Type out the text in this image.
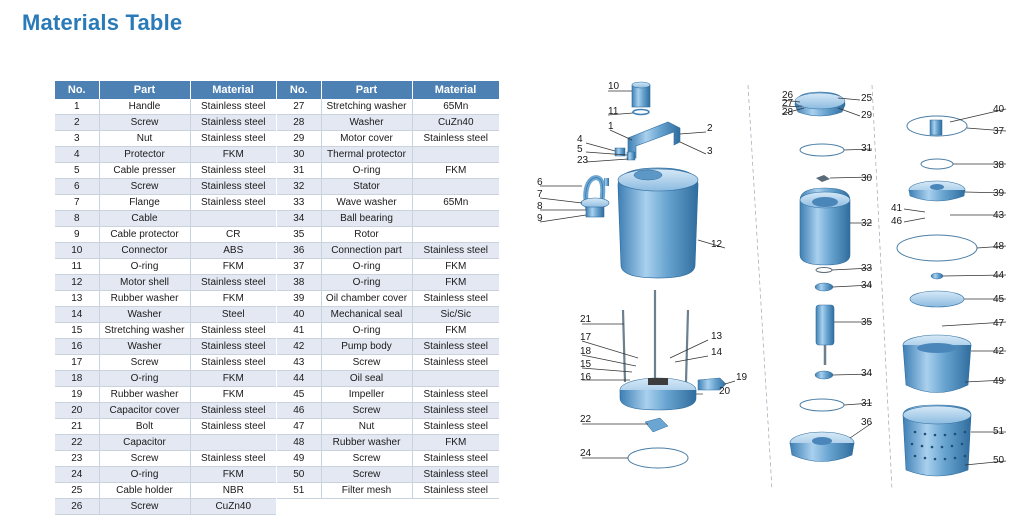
Materials Table
No.	Part	Material
1	Handle	Stainless steel
2	Screw	Stainless steel
3	Nut	Stainless steel
4	Protector	FKM
5	Cable presser	Stainless steel
6	Screw	Stainless steel
7	Flange	Stainless steel
8	Cable	
9	Cable protector	CR
10	Connector	ABS
11	O-ring	FKM
12	Motor shell	Stainless steel
13	Rubber washer	FKM
14	Washer	Steel
15	Stretching washer	Stainless steel
16	Washer	Stainless steel
17	Screw	Stainless steel
18	O-ring	FKM
19	Rubber washer	FKM
20	Capacitor cover	Stainless steel
21	Bolt	Stainless steel
22	Capacitor	
23	Screw	Stainless steel
24	O-ring	FKM
25	Cable holder	NBR
26	Screw	CuZn40
No.	Part	Material
27	Stretching washer	65Mn
28	Washer	CuZn40
29	Motor cover	Stainless steel
30	Thermal protector	
31	O-ring	FKM
32	Stator	
33	Wave washer	65Mn
34	Ball bearing	
35	Rotor	
36	Connection part	Stainless steel
37	O-ring	FKM
38	O-ring	FKM
39	Oil chamber cover	Stainless steel
40	Mechanical seal	Sic/Sic
41	O-ring	FKM
42	Pump body	Stainless steel
43	Screw	Stainless steel
44	Oil seal	
45	Impeller	Stainless steel
46	Screw	Stainless steel
47	Nut	Stainless steel
48	Rubber washer	FKM
49	Screw	Stainless steel
50	Screw	Stainless steel
51	Filter mesh	Stainless steel
10
11
1	2
3
4
5
23
6
7
8
9
12
21
17
18
15
16
13
14
19
20
22
24
26
27
28
25
29
31
30
32
33
34
35
34
31
36
40
37
38
39
43
41
46
48
44
45
47
42
49
51
50
